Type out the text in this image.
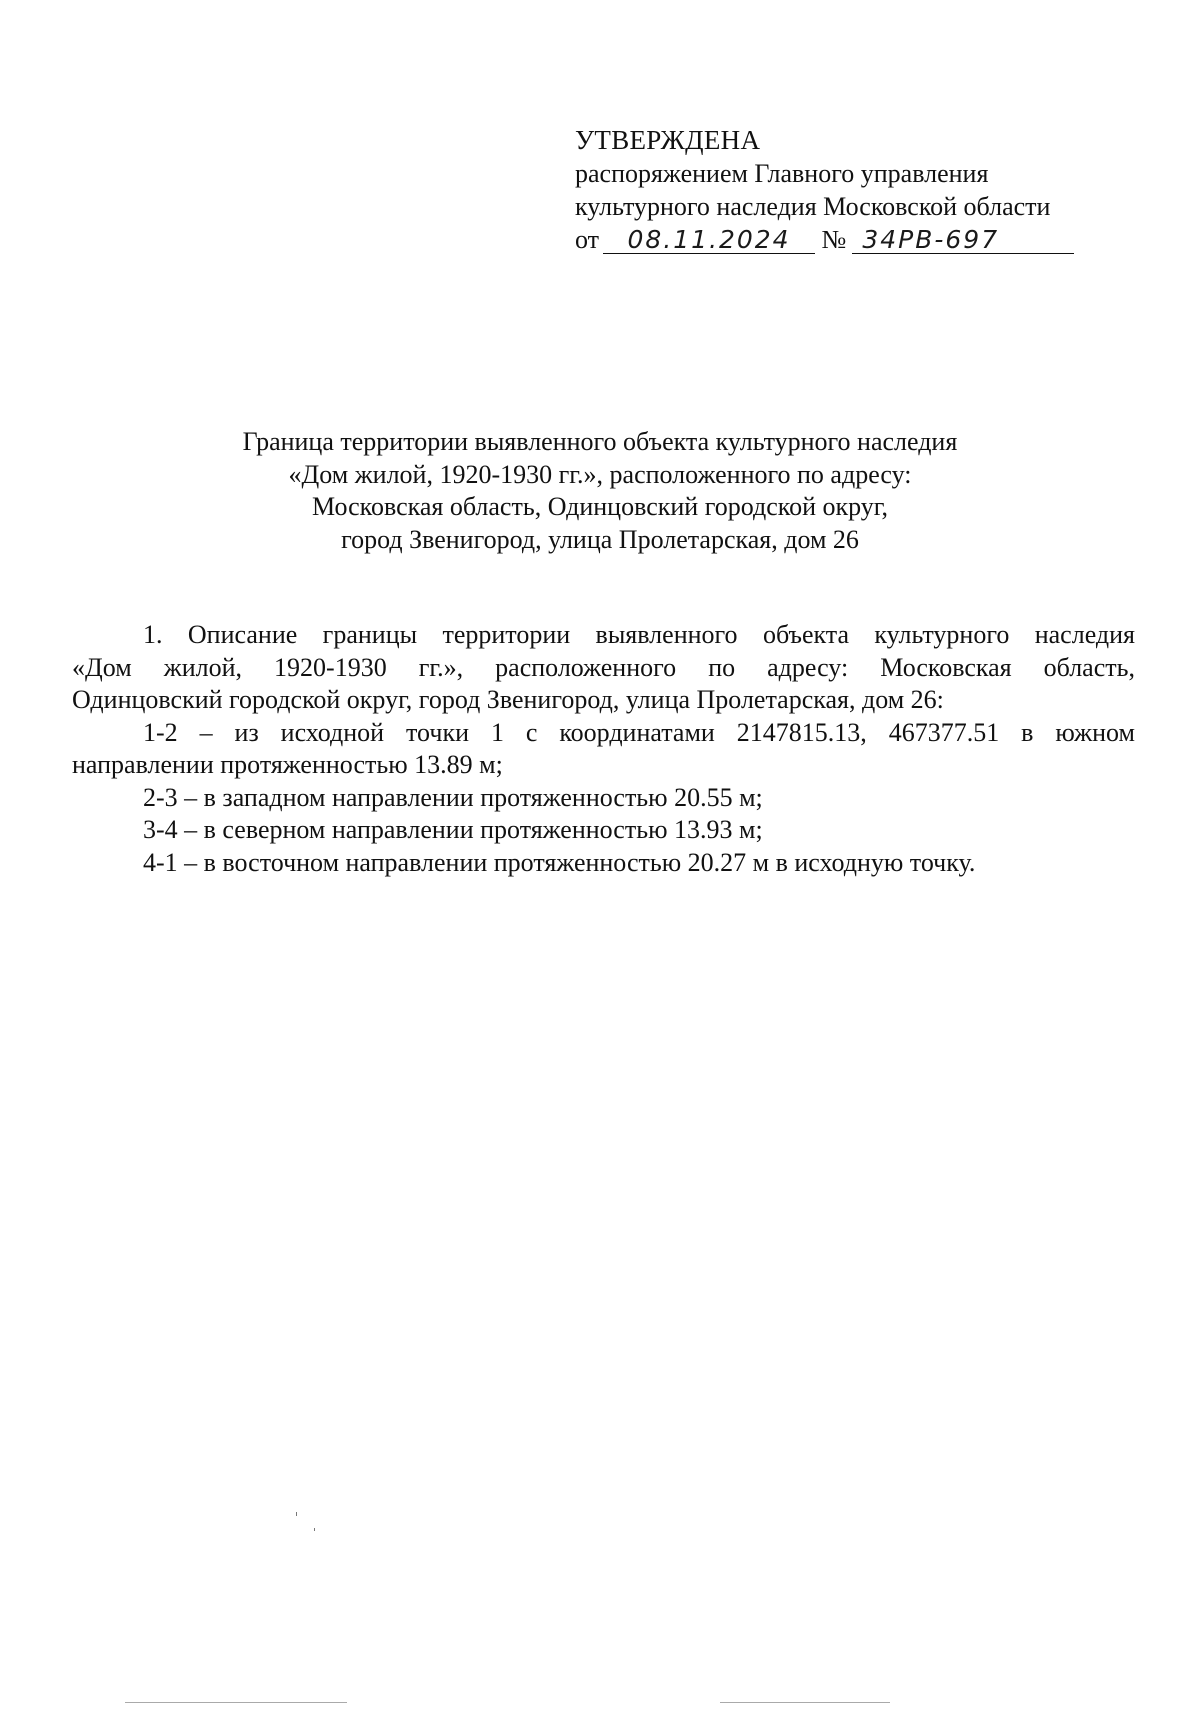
УТВЕРЖДЕНА
распоряжением Главного управления
культурного наследия Московской области
от 08.11.2024 № 34РВ-697
Граница территории выявленного объекта культурного наследия
«Дом жилой, 1920-1930 гг.», расположенного по адресу:
Московская область, Одинцовский городской округ,
город Звенигород, улица Пролетарская, дом 26

1. Описание границы территории выявленного объекта культурного наследия
«Дом жилой, 1920-1930 гг.», расположенного по адресу: Московская область,
Одинцовский городской округ, город Звенигород, улица Пролетарская, дом 26:

1-2 – из исходной точки 1 с координатами 2147815.13, 467377.51 в южном
направлении протяженностью 13.89 м;

2-3 – в западном направлении протяженностью 20.55 м;

3-4 – в северном направлении протяженностью 13.93 м;

4-1 – в восточном направлении протяженностью 20.27 м в исходную точку.
